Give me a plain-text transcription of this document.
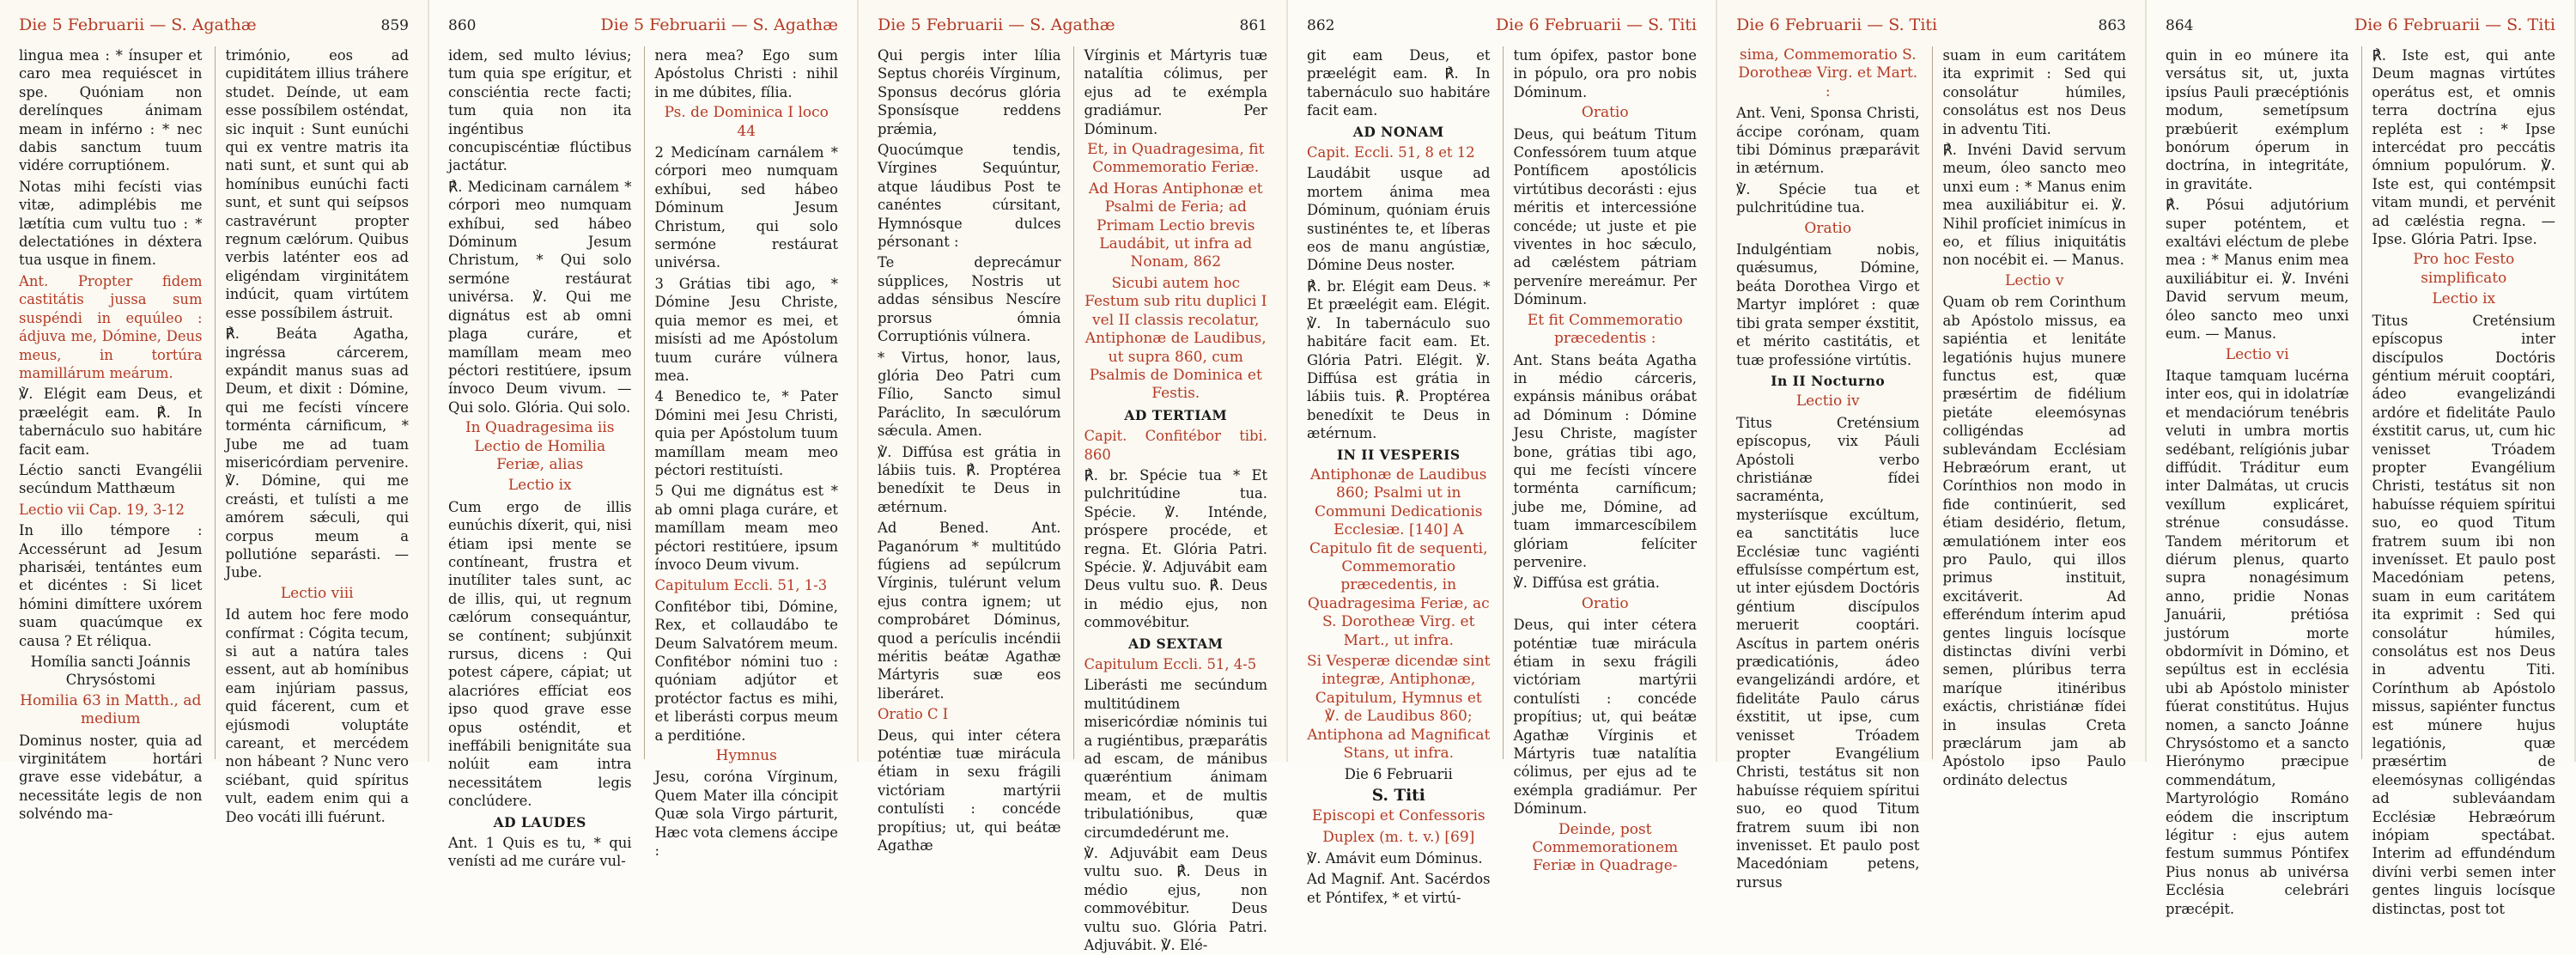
Die 5 Februarii — S. Agathæ	859

lingua mea : * ínsuper et caro mea requiéscet in spe. Quóniam non derelínques ánimam meam in inférno : * nec dabis sanctum tuum vidére corruptiónem.

Notas mihi fecísti vias vitæ, adimplébis me lætítia cum vultu tuo : * delectatiónes in déxtera tua usque in finem.

Ant. Propter fidem castitátis jussa sum suspéndi in equúleo : ádjuva me, Dómine, Deus meus, in tortúra mamillárum meárum.

℣. Elégit eam Deus, et præelégit eam. ℟. In tabernáculo suo habitáre facit eam.

Léctio sancti Evangélii secúndum Matthæum

Lectio vii Cap. 19, 3-12

In illo témpore : Accessérunt ad Jesum pharisǽi, tentántes eum et dicéntes : Si licet hómini dimíttere uxórem suam quacúmque ex causa ? Et réliqua.

Homília sancti Joánnis Chrysóstomi

Homilia 63 in Matth., ad medium

Dominus noster, quia ad virginitátem hortári grave esse videbátur, a necessitáte legis de non solvéndo ma-

trimónio, eos ad cupiditátem illius tráhere studet. Deínde, ut eam esse possíbilem osténdat, sic inquit : Sunt eunúchi qui ex ventre matris ita nati sunt, et sunt qui ab homínibus eunúchi facti sunt, et sunt qui seípsos castravérunt propter regnum cælórum. Quibus verbis laténter eos ad eligéndam virginitátem indúcit, quam virtútem esse possíbilem ástruit.

℟. Beáta Agatha, ingréssa cárcerem, expándit manus suas ad Deum, et dixit : Dómine, qui me fecísti víncere torménta cárnificum, * Jube me ad tuam misericórdiam pervenire. ℣. Dómine, qui me creásti, et tulísti a me amórem sǽculi, qui corpus meum a pollutióne separásti. — Jube.

Lectio viii

Id autem hoc fere modo confírmat : Cógita tecum, si aut a natúra tales essent, aut ab homínibus eam injúriam passus, quid fácerent, cum et ejúsmodi voluptáte careant, et mercédem non hábeant ? Nunc vero sciébant, quid spíritus vult, eadem enim qui a Deo vocáti illi fuérunt.

860	Die 5 Februarii — S. Agathæ

idem, sed multo lévius; tum quia spe erígitur, et consciéntia recte facti; tum quia non ita ingéntibus concupiscéntiæ flúctibus jactátur.

℟. Medicinam carnálem * córpori meo numquam exhíbui, sed hábeo Dóminum Jesum Christum, * Qui solo sermóne restáurat univérsa. ℣. Qui me dignátus est ab omni plaga curáre, et mamíllam meam meo péctori restitúere, ipsum ínvoco Deum vivum. — Qui solo. Glória. Qui solo.

In Quadragesima iis Lectio de Homilia Feriæ, alias

Lectio ix

Cum ergo de illis eunúchis díxerit, qui, nisi étiam ipsi mente se contíneant, frustra et inutíliter tales sunt, ac de illis, qui, ut regnum cælórum consequántur, se contínent; subjúnxit rursus, dicens : Qui potest cápere, cápiat; ut alacrióres effíciat eos ipso quod grave esse opus osténdit, et ineffábili benignitáte sua nolúit eam intra necessitátem legis conclúdere.

AD LAUDES

Ant. 1 Quis es tu, * qui venísti ad me curáre vul-

nera mea? Ego sum Apóstolus Christi : nihil in me dúbites, fília.

Ps. de Dominica I loco 44

2 Medicínam carnálem * córpori meo numquam exhíbui, sed hábeo Dóminum Jesum Christum, qui solo sermóne restáurat univérsa.

3 Grátias tibi ago, * Dómine Jesu Christe, quia memor es mei, et misísti ad me Apóstolum tuum curáre vúlnera mea.

4 Benedico te, * Pater Dómini mei Jesu Christi, quia per Apóstolum tuum mamíllam meam meo péctori restituísti.

5 Qui me dignátus est * ab omni plaga curáre, et mamíllam meam meo péctori restitúere, ipsum ínvoco Deum vivum.

Capitulum Eccli. 51, 1-3

Confitébor tibi, Dómine, Rex, et collaudábo te Deum Salvatórem meum. Confitébor nómini tuo : quóniam adjútor et protéctor factus es mihi, et liberásti corpus meum a perditióne.

Hymnus

Jesu, coróna Vírginum, Quem Mater illa cóncipit Quæ sola Virgo párturit, Hæc vota clemens áccipe :

Die 5 Februarii — S. Agathæ	861

Qui pergis inter lília Septus choréis Vírginum, Sponsus decórus glória Sponsísque reddens prǽmia,

Quocúmque tendis, Vírgines Sequúntur, atque láudibus Post te canéntes cúrsitant, Hymnósque dulces pérsonant :

Te deprecámur súpplices, Nostris ut addas sénsibus Nescíre prorsus ómnia Corruptiónis vúlnera.

* Virtus, honor, laus, glória Deo Patri cum Fílio, Sancto simul Paráclito, In sæculórum sǽcula. Amen.

℣. Diffúsa est grátia in lábiis tuis. ℟. Proptérea benedíxit te Deus in ætérnum.

Ad Bened. Ant. Paganórum * multitúdo fúgiens ad sepúlcrum Vírginis, tulérunt velum ejus contra ignem; ut comprobáret Dóminus, quod a perículis incéndii méritis beátæ Agathæ Mártyris suæ eos liberáret.

Oratio C I

Deus, qui inter cétera poténtiæ tuæ mirácula étiam in sexu frágili victóriam martýrii contulísti : concéde propítius; ut, qui beátæ Agathæ

Vírginis et Mártyris tuæ natalítia cólimus, per ejus ad te exémpla gradiámur. Per Dóminum.

Et, in Quadragesima, fit Commemoratio Feriæ.

Ad Horas Antiphonæ et Psalmi de Feria; ad Primam Lectio brevis Laudábit, ut infra ad Nonam, 862

Sicubi autem hoc Festum sub ritu duplici I vel II classis recolatur, Antiphonæ de Laudibus, ut supra 860, cum Psalmis de Dominica et Festis.

AD TERTIAM

Capit. Confitébor tibi. 860

℟. br. Spécie tua * Et pulchritúdine tua. Spécie. ℣. Inténde, próspere procéde, et regna. Et. Glória Patri. Spécie. ℣. Adjuvábit eam Deus vultu suo. ℟. Deus in médio ejus, non commovébitur.

AD SEXTAM

Capitulum Eccli. 51, 4-5

Liberásti me secúndum multitúdinem misericórdiæ nóminis tui a rugiéntibus, præparátis ad escam, de mánibus quæréntium ánimam meam, et de multis tribulatiónibus, quæ circumdedérunt me.

℣. Adjuvábit eam Deus vultu suo. ℟. Deus in médio ejus, non commovébitur. Deus vultu suo. Glória Patri. Adjuvábit. ℣. Elé-

862	Die 6 Februarii — S. Titi

git eam Deus, et præelégit eam. ℟. In tabernáculo suo habitáre facit eam.

AD NONAM

Capit. Eccli. 51, 8 et 12

Laudábit usque ad mortem ánima mea Dóminum, quóniam éruis sustinéntes te, et líberas eos de manu angústiæ, Dómine Deus noster.

℟. br. Elégit eam Deus. * Et præelégit eam. Elégit. ℣. In tabernáculo suo habitáre facit eam. Et. Glória Patri. Elégit. ℣. Diffúsa est grátia in lábiis tuis. ℟. Proptérea benedíxit te Deus in ætérnum.

IN II VESPERIS

Antiphonæ de Laudibus 860; Psalmi ut in Communi Dedicationis Ecclesiæ. [140] A Capitulo fit de sequenti, Commemoratio præcedentis, in Quadragesima Feriæ, ac S. Dorotheæ Virg. et Mart., ut infra.

Si Vesperæ dicendæ sint integræ, Antiphonæ, Capitulum, Hymnus et ℣. de Laudibus 860; Antiphona ad Magnificat Stans, ut infra.

Die 6 Februarii

S. Titi

Episcopi et Confessoris

Duplex (m. t. v.) [69]

℣. Amávit eum Dóminus.

Ad Magnif. Ant. Sacérdos et Póntifex, * et virtú-

tum ópifex, pastor bone in pópulo, ora pro nobis Dóminum.

Oratio

Deus, qui beátum Titum Confessórem tuum atque Pontíficem apostólicis virtútibus decorásti : ejus méritis et intercessióne concéde; ut juste et pie viventes in hoc sǽculo, ad cæléstem pátriam perveníre mereámur. Per Dóminum.

Et fit Commemoratio præcedentis :

Ant. Stans beáta Agatha in médio cárceris, expánsis mánibus orábat ad Dóminum : Dómine Jesu Christe, magíster bone, grátias tibi ago, qui me fecísti víncere torménta carníficum; jube me, Dómine, ad tuam immarcescíbilem glóriam felíciter pervenire.

℣. Diffúsa est grátia.

Oratio

Deus, qui inter cétera poténtiæ tuæ mirácula étiam in sexu frágili victóriam martýrii contulísti : concéde propítius; ut, qui beátæ Agathæ Vírginis et Mártyris tuæ natalítia cólimus, per ejus ad te exémpla gradiámur. Per Dóminum.

Deinde, post Commemorationem Feriæ in Quadrage-

Die 6 Februarii — S. Titi	863

sima, Commemoratio S. Dorotheæ Virg. et Mart. :

Ant. Veni, Sponsa Christi, áccipe corónam, quam tibi Dóminus præparávit in ætérnum.

℣. Spécie tua et pulchritúdine tua.

Oratio

Indulgéntiam nobis, quǽsumus, Dómine, beáta Dorothea Virgo et Martyr implóret : quæ tibi grata semper éxstitit, et mérito castitátis, et tuæ professióne virtútis.

In II Nocturno

Lectio iv

Titus Creténsium epíscopus, vix Páuli Apóstoli verbo christiánæ fídei sacraménta, mysteriísque excúltum, ea sanctitátis luce Ecclésiæ tunc vagiénti effulsísse compértum est, ut inter ejúsdem Doctóris géntium discípulos meruerit cooptári. Ascítus in partem onéris prædicatiónis, ádeo evangelizándi ardóre, et fidelitáte Paulo cárus éxstitit, ut ipse, cum venisset Tróadem propter Evangélium Christi, testátus sit non habuísse réquiem spíritui suo, eo quod Titum fratrem suum ibi non invenisset. Et paulo post Macedóniam petens, rursus

suam in eum caritátem ita exprimit : Sed qui consolátur húmiles, consolátus est nos Deus in adventu Titi.

℟. Invéni David servum meum, óleo sancto meo unxi eum : * Manus enim mea auxiliábitur ei. ℣. Nihil profíciet inimícus in eo, et fílius iniquitátis non nocébit ei. — Manus.

Lectio v

Quam ob rem Corinthum ab Apóstolo missus, ea sapiéntia et lenitáte legatiónis hujus munere functus est, quæ præsértim de fidélium pietáte eleemósynas colligéndas ad sublevándam Ecclésiam Hebræórum erant, ut Corínthios non modo in fide continúerit, sed étiam desidério, fletum, æmulatiónem inter eos pro Paulo, qui illos primus instituit, excitáverit. Ad efferéndum ínterim apud gentes linguis locísque distinctas divíni verbi semen, plúribus terra maríque itinéribus exáctis, christiánæ fídei in insulas Creta præclárum jam ab Apóstolo ipso Paulo ordináto delectus

864	Die 6 Februarii — S. Titi

quin in eo múnere ita versátus sit, ut, juxta ipsíus Pauli præcéptiónis modum, semetípsum præbúerit exémplum bonórum óperum in doctrína, in integritáte, in gravitáte.

℟. Pósui adjutórium super poténtem, et exaltávi eléctum de plebe mea : * Manus enim mea auxiliábitur ei. ℣. Invéni David servum meum, óleo sancto meo unxi eum. — Manus.

Lectio vi

Itaque tamquam lucérna inter eos, qui in idolatríæ et mendaciórum tenébris veluti in umbra mortis sedébant, relígiónis jubar diffúdit. Tráditur eum inter Dalmátas, ut crucis vexíllum explicáret, strénue consudásse. Tandem méritorum et diérum plenus, quarto supra nonagésimum anno, pridie Nonas Januárii, prétiósa justórum morte obdormívit in Dómino, et sepúltus est in ecclésia ubi ab Apóstolo minister fúerat constitútus. Hujus nomen, a sancto Joánne Chrysóstomo et a sancto Hierónymo præcipue commendátum, Martyrológio Románo eódem die inscriptum légitur : ejus autem festum summus Póntifex Pius nonus ab univérsa Ecclésia celebrári præcépit.

℟. Iste est, qui ante Deum magnas virtútes operátus est, et omnis terra doctrína ejus repléta est : * Ipse intercédat pro peccátis ómnium populórum. ℣. Iste est, qui contémpsit vitam mundi, et pervénit ad cæléstia regna. — Ipse. Glória Patri. Ipse.

Pro hoc Festo simplificato

Lectio ix

Titus Creténsium epíscopus inter discípulos Doctóris géntium méruit cooptári, ádeo evangelizándi ardóre et fidelitáte Paulo éxstitit carus, ut, cum hic venisset Tróadem propter Evangélium Christi, testátus sit non habuísse réquiem spíritui suo, eo quod Titum fratrem suum ibi non invenísset. Et paulo post Macedóniam petens, suam in eum caritátem ita exprimit : Sed qui consolátur húmiles, consolátus est nos Deus in adventu Titi. Corínthum ab Apóstolo missus, sapiénter functus est múnere hujus legatiónis, quæ præsértim de eleemósynas colligéndas ad subleváandam Ecclésiæ Hebræórum inópiam spectábat. Interim ad effundéndum divíni verbi semen inter gentes linguis locísque distinctas, post tot
